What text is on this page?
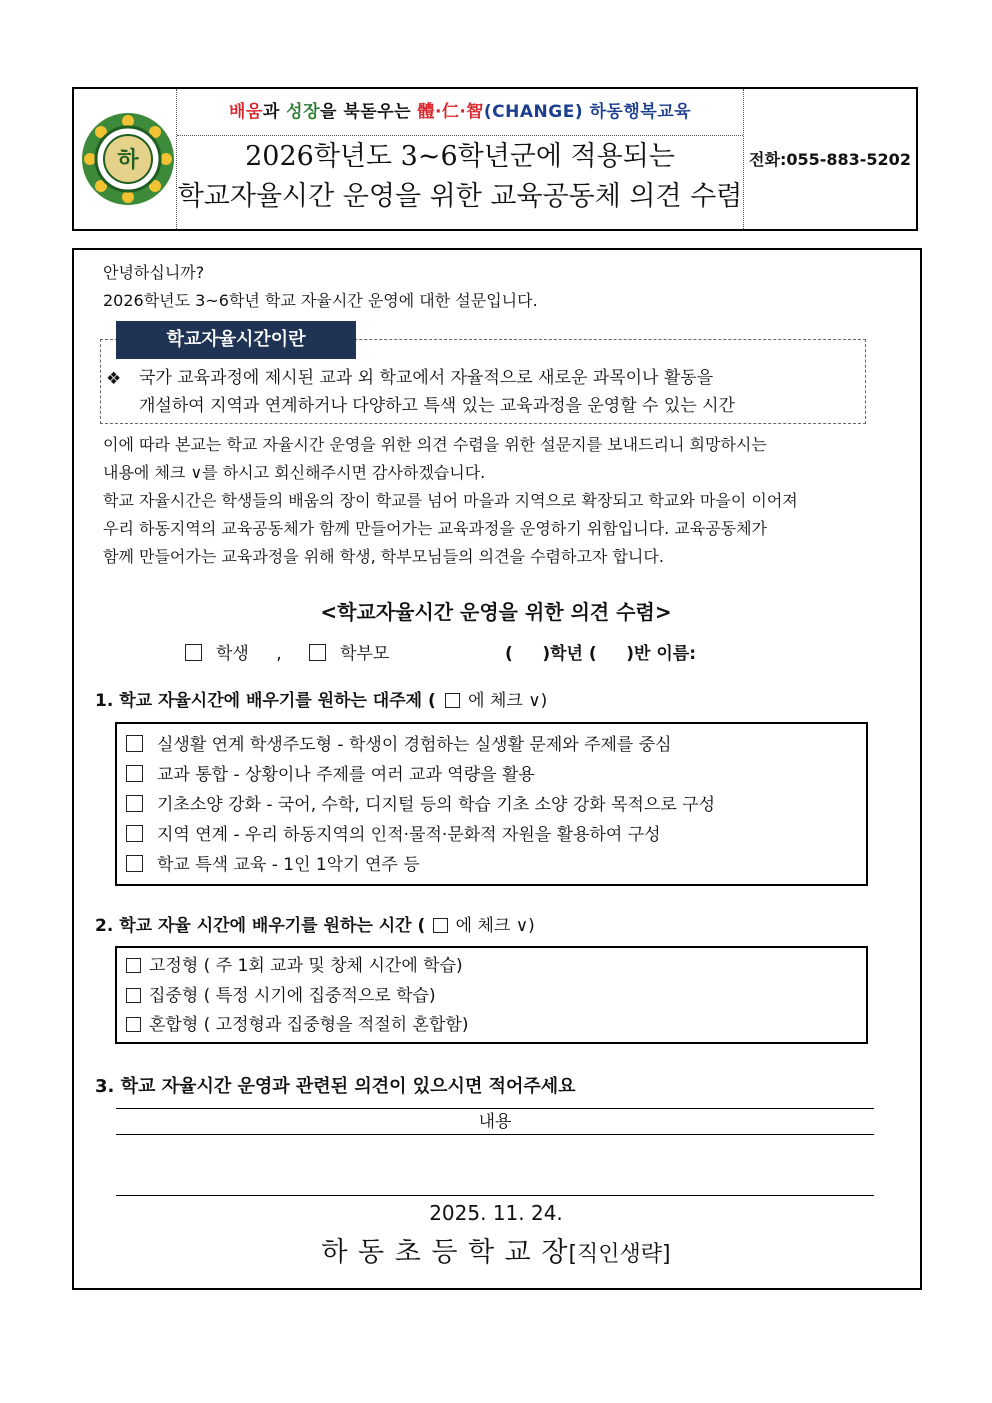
하
배움과 성장을 북돋우는 體·仁·智(CHANGE) 하동행복교육
2026학년도 3~6학년군에 적용되는
학교자율시간 운영을 위한 교육공동체 의견 수렴
전화:055-883-5202
안녕하십니까?
2026학년도 3~6학년 학교 자율시간 운영에 대한 설문입니다.
학교자율시간이란
❖ 국가 교육과정에 제시된 교과 외 학교에서 자율적으로 새로운 과목이나 활동을
개설하여 지역과 연계하거나 다양하고 특색 있는 교육과정을 운영할 수 있는 시간
이에 따라 본교는 학교 자율시간 운영을 위한 의견 수렴을 위한 설문지를 보내드리니 희망하시는
내용에 체크 ∨를 하시고 회신해주시면 감사하겠습니다.
학교 자율시간은 학생들의 배움의 장이 학교를 넘어 마을과 지역으로 확장되고 학교와 마을이 이어져
우리 하동지역의 교육공동체가 함께 만들어가는 교육과정을 운영하기 위함입니다. 교육공동체가
함께 만들어가는 교육과정을 위해 학생, 학부모님들의 의견을 수렴하고자 합니다.
<학교자율시간 운영을 위한 의견 수렴>
학생 ,	학부모	(     )학년 (     )반 이름:
1. 학교 자율시간에 배우기를 원하는 대주제 ( 에 체크 ∨)
실생활 연계 학생주도형 - 학생이 경험하는 실생활 문제와 주제를 중심
교과 통합 - 상황이나 주제를 여러 교과 역량을 활용
기초소양 강화 - 국어, 수학, 디지털 등의 학습 기초 소양 강화 목적으로 구성
지역 연계 - 우리 하동지역의 인적·물적·문화적 자원을 활용하여 구성
학교 특색 교육 - 1인 1악기 연주 등
2. 학교 자율 시간에 배우기를 원하는 시간 ( 에 체크 ∨)
고정형 ( 주 1회 교과 및 창체 시간에 학습)
집중형 ( 특정 시기에 집중적으로 학습)
혼합형 ( 고정형과 집중형을 적절히 혼합함)
3. 학교 자율시간 운영과 관련된 의견이 있으시면 적어주세요
내용
2025. 11. 24.
하 동 초 등 학 교 장[직인생략]
